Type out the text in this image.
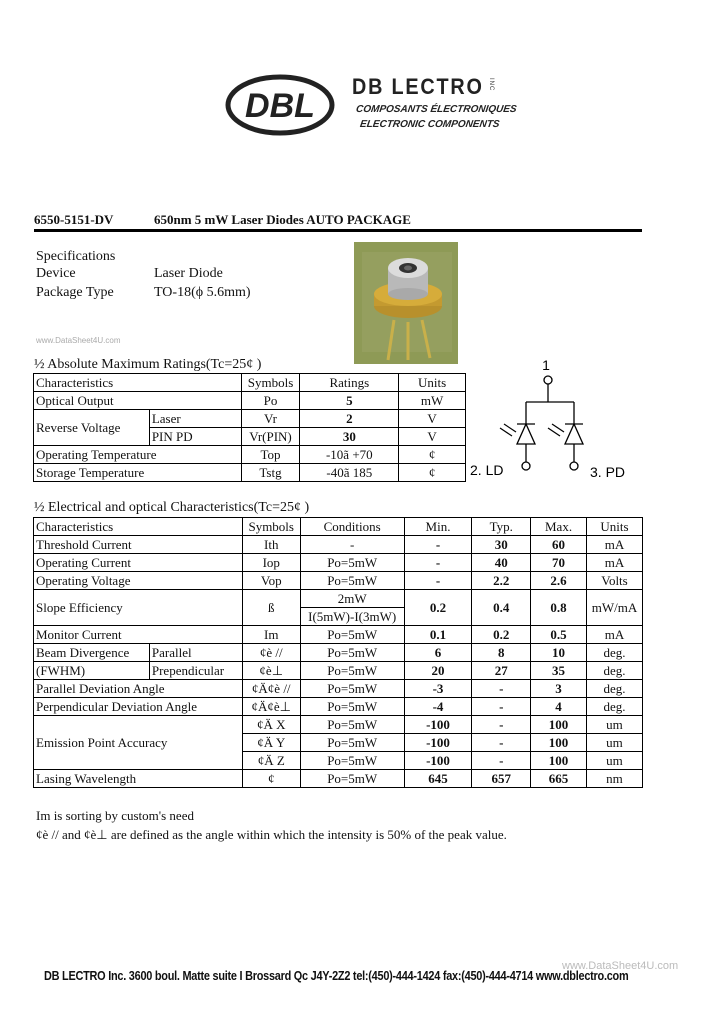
DBL
DB LECTRO INC
COMPOSANTS ÉLECTRONIQUES
ELECTRONIC COMPONENTS
6550-5151-DV	650nm 5 mW Laser Diodes AUTO PACKAGE
Specifications
Device	Laser Diode
Package Type	TO-18(ϕ 5.6mm)
www.DataSheet4U.com
½ Absolute Maximum Ratings(Tc=25¢ )
Characteristics		Symbols	Ratings	Units
Optical Output		Po	5	mW
Reverse Voltage	Laser	Vr	2	V
	PIN PD	Vr(PIN)	30	V
Operating Temperature		Top	-10ã +70	¢
Storage Temperature		Tstg	-40ã 185	¢
1
2. LD	3. PD
½ Electrical and optical Characteristics(Tc=25¢ )
Characteristics		Symbols	Conditions	Min.	Typ.	Max.	Units
Threshold Current		Ith	-	-	30	60	mA
Operating Current		Iop	Po=5mW	-	40	70	mA
Operating Voltage		Vop	Po=5mW	-	2.2	2.6	Volts
Slope Efficiency		ß	2mW	0.2	0.4	0.8	mW/mA
			I(5mW)-I(3mW)				
Monitor Current		Im	Po=5mW	0.1	0.2	0.5	mA
Beam Divergence	Parallel	¢è //	Po=5mW	6	8	10	deg.
(FWHM)	Prependicular	¢è⊥	Po=5mW	20	27	35	deg.
Parallel Deviation Angle		¢Ä¢è //	Po=5mW	-3	-	3	deg.
Perpendicular Deviation Angle		¢Ä¢è⊥	Po=5mW	-4	-	4	deg.
Emission Point Accuracy		¢Ä X	Po=5mW	-100	-	100	um
		¢Ä Y	Po=5mW	-100	-	100	um
		¢Ä Z	Po=5mW	-100	-	100	um
Lasing Wavelength		¢	Po=5mW	645	657	665	nm
Im is sorting by custom's need
¢è // and ¢è⊥ are defined as the angle within which the intensity is 50% of the peak value.
www.DataSheet4U.com
DB LECTRO Inc. 3600 boul. Matte suite I Brossard Qc J4Y-2Z2 tel:(450)-444-1424 fax:(450)-444-4714 www.dblectro.com
